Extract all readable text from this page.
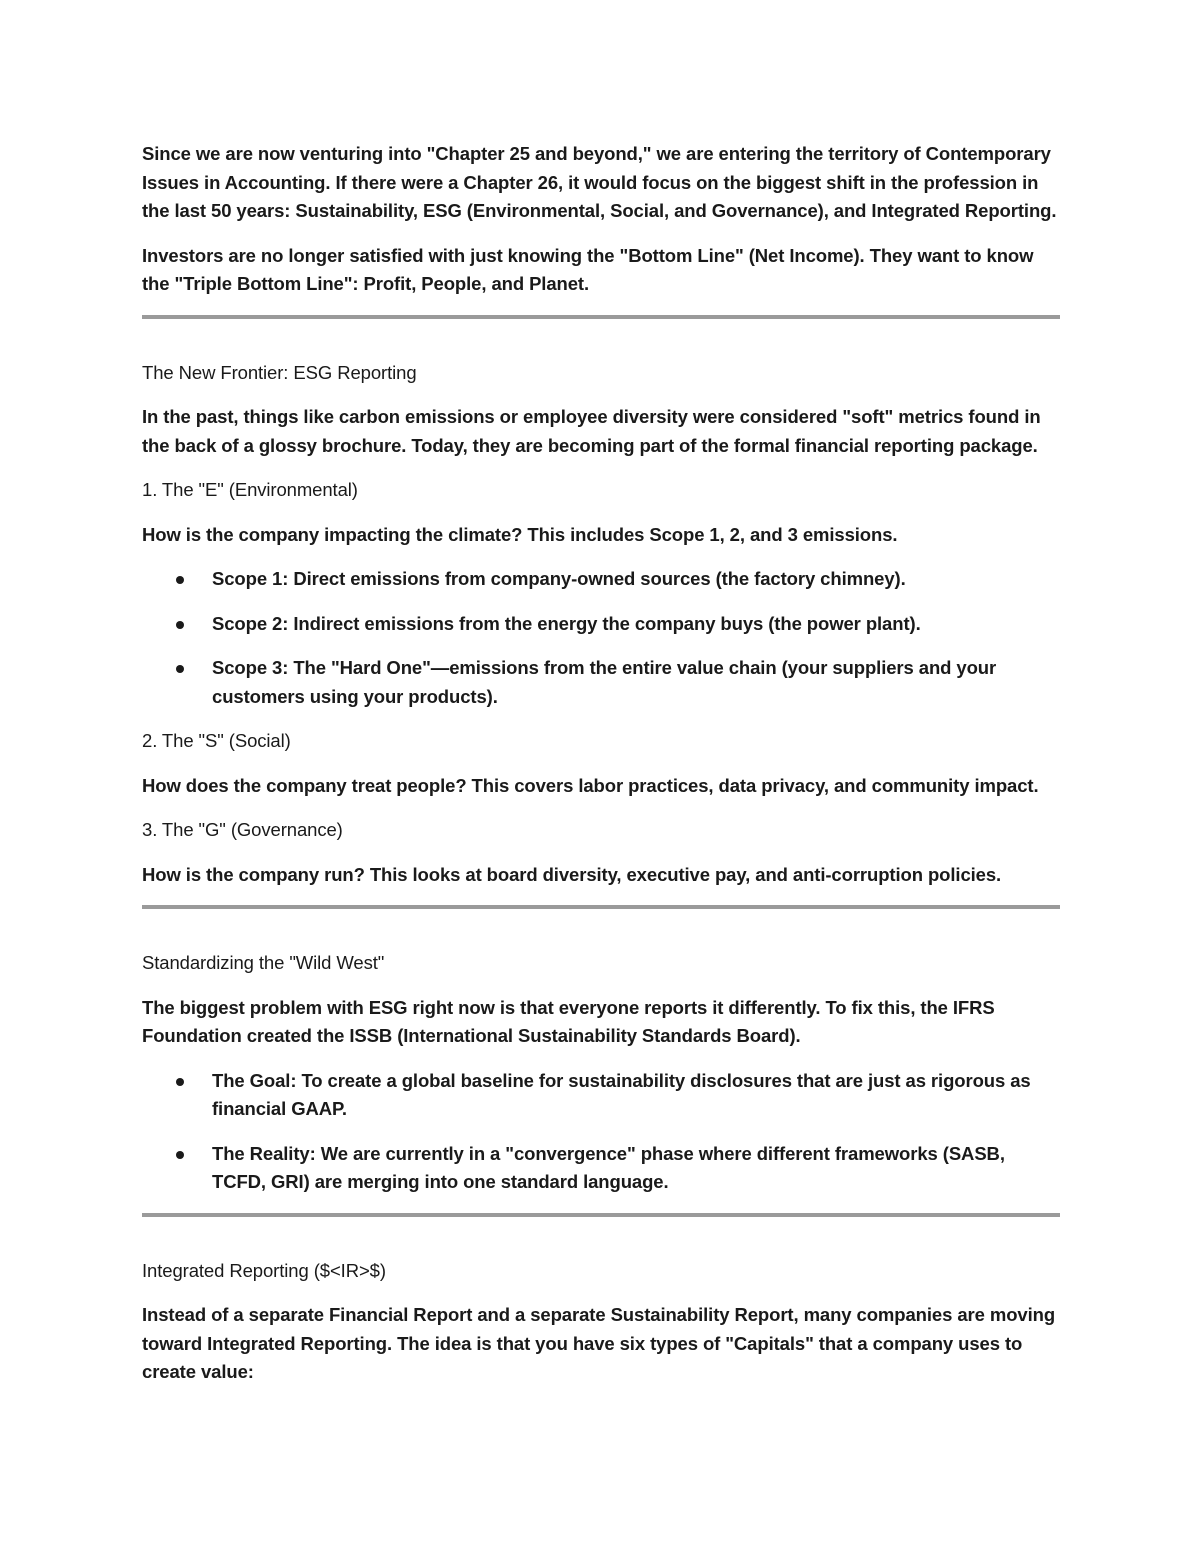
Since we are now venturing into "Chapter 25 and beyond," we are entering the territory of Contemporary Issues in Accounting. If there were a Chapter 26, it would focus on the biggest shift in the profession in the last 50 years: Sustainability, ESG (Environmental, Social, and Governance), and Integrated Reporting.

Investors are no longer satisfied with just knowing the "Bottom Line" (Net Income). They want to know the "Triple Bottom Line": Profit, People, and Planet.

The New Frontier: ESG Reporting

In the past, things like carbon emissions or employee diversity were considered "soft" metrics found in the back of a glossy brochure. Today, they are becoming part of the formal financial reporting package.

1. The "E" (Environmental)

How is the company impacting the climate? This includes Scope 1, 2, and 3 emissions.

Scope 1: Direct emissions from company-owned sources (the factory chimney).
Scope 2: Indirect emissions from the energy the company buys (the power plant).
Scope 3: The "Hard One"—emissions from the entire value chain (your suppliers and your customers using your products).

2. The "S" (Social)

How does the company treat people? This covers labor practices, data privacy, and community impact.

3. The "G" (Governance)

How is the company run? This looks at board diversity, executive pay, and anti-corruption policies.

Standardizing the "Wild West"

The biggest problem with ESG right now is that everyone reports it differently. To fix this, the IFRS Foundation created the ISSB (International Sustainability Standards Board).

The Goal: To create a global baseline for sustainability disclosures that are just as rigorous as financial GAAP.
The Reality: We are currently in a "convergence" phase where different frameworks (SASB, TCFD, GRI) are merging into one standard language.

Integrated Reporting ($<IR>$)

Instead of a separate Financial Report and a separate Sustainability Report, many companies are moving toward Integrated Reporting. The idea is that you have six types of "Capitals" that a company uses to create value:
